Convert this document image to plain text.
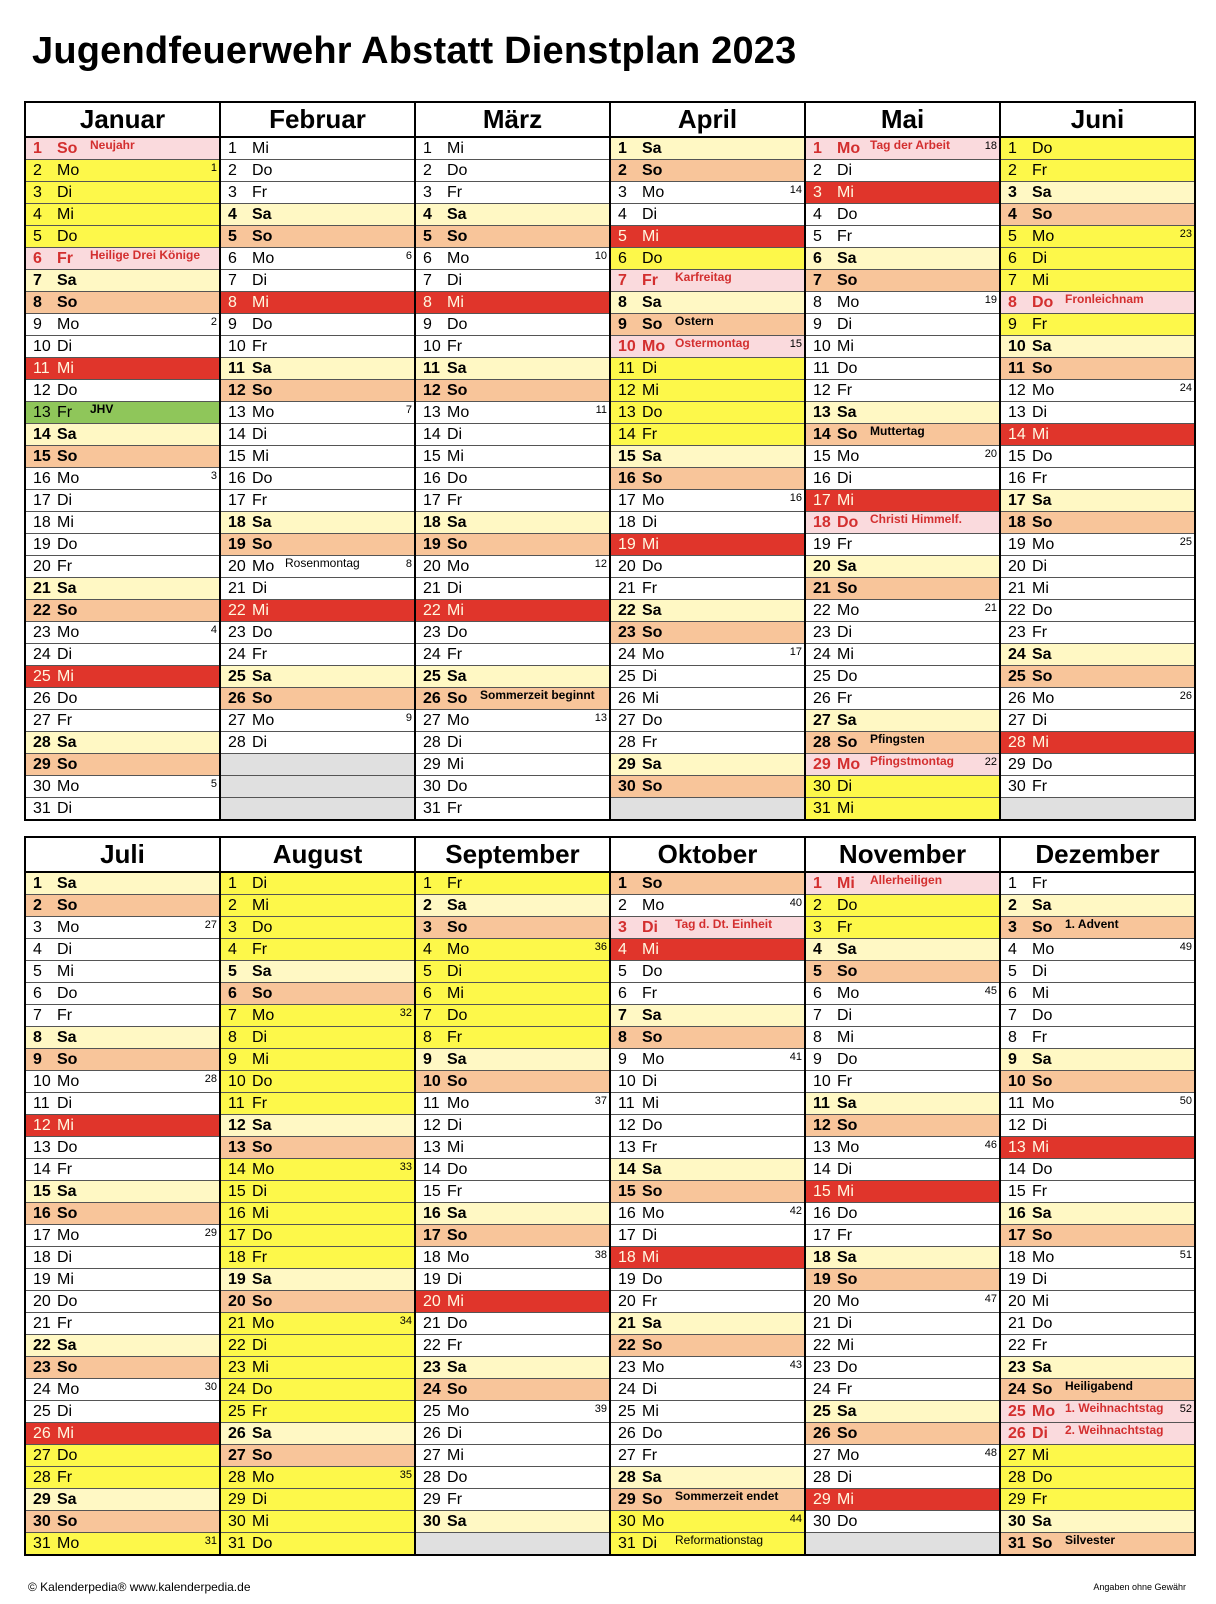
Jugendfeuerwehr Abstatt Dienstplan 2023
Januar	Februar	März	April	Mai	Juni

1 So Neujahr	1 Mi	1 Mi	1 Sa	1 Mo Tag der Arbeit 18	1 Do

2 Mo 1	2 Do	2 Do	2 So	2 Di	2 Fr

3 Di	3 Fr	3 Fr	3 Mo 14	3 Mi	3 Sa

4 Mi	4 Sa	4 Sa	4 Di	4 Do	4 So

5 Do	5 So	5 So	5 Mi	5 Fr	5 Mo 23

6 Fr Heilige Drei Könige	6 Mo 6	6 Mo 10	6 Do	6 Sa	6 Di

7 Sa	7 Di	7 Di	7 Fr Karfreitag	7 So	7 Mi

8 So	8 Mi	8 Mi	8 Sa	8 Mo 19	8 Do Fronleichnam

9 Mo 2	9 Do	9 Do	9 So Ostern	9 Di	9 Fr

10 Di	10 Fr	10 Fr	10 Mo Ostermontag 15	10 Mi	10 Sa

11 Mi	11 Sa	11 Sa	11 Di	11 Do	11 So

12 Do	12 So	12 So	12 Mi	12 Fr	12 Mo 24

13 Fr JHV	13 Mo 7	13 Mo 11	13 Do	13 Sa	13 Di

14 Sa	14 Di	14 Di	14 Fr	14 So Muttertag	14 Mi

15 So	15 Mi	15 Mi	15 Sa	15 Mo 20	15 Do

16 Mo 3	16 Do	16 Do	16 So	16 Di	16 Fr

17 Di	17 Fr	17 Fr	17 Mo 16	17 Mi	17 Sa

18 Mi	18 Sa	18 Sa	18 Di	18 Do Christi Himmelf.	18 So

19 Do	19 So	19 So	19 Mi	19 Fr	19 Mo 25

20 Fr	20 Mo Rosenmontag 8	20 Mo 12	20 Do	20 Sa	20 Di

21 Sa	21 Di	21 Di	21 Fr	21 So	21 Mi

22 So	22 Mi	22 Mi	22 Sa	22 Mo 21	22 Do

23 Mo 4	23 Do	23 Do	23 So	23 Di	23 Fr

24 Di	24 Fr	24 Fr	24 Mo 17	24 Mi	24 Sa

25 Mi	25 Sa	25 Sa	25 Di	25 Do	25 So

26 Do	26 So	26 So Sommerzeit beginnt	26 Mi	26 Fr	26 Mo 26

27 Fr	27 Mo 9	27 Mo 13	27 Do	27 Sa	27 Di

28 Sa	28 Di	28 Di	28 Fr	28 So Pfingsten	28 Mi

29 So		29 Mi	29 Sa	29 Mo Pfingstmontag 22	29 Do

30 Mo 5		30 Do	30 So	30 Di	30 Fr

31 Di		31 Fr		31 Mi	

Juli	August	September	Oktober	November	Dezember

1 Sa	1 Di	1 Fr	1 So	1 Mi Allerheiligen	1 Fr

2 So	2 Mi	2 Sa	2 Mo 40	2 Do	2 Sa

3 Mo 27	3 Do	3 So	3 Di Tag d. Dt. Einheit	3 Fr	3 So 1. Advent

4 Di	4 Fr	4 Mo 36	4 Mi	4 Sa	4 Mo 49

5 Mi	5 Sa	5 Di	5 Do	5 So	5 Di

6 Do	6 So	6 Mi	6 Fr	6 Mo 45	6 Mi

7 Fr	7 Mo 32	7 Do	7 Sa	7 Di	7 Do

8 Sa	8 Di	8 Fr	8 So	8 Mi	8 Fr

9 So	9 Mi	9 Sa	9 Mo 41	9 Do	9 Sa

10 Mo 28	10 Do	10 So	10 Di	10 Fr	10 So

11 Di	11 Fr	11 Mo 37	11 Mi	11 Sa	11 Mo 50

12 Mi	12 Sa	12 Di	12 Do	12 So	12 Di

13 Do	13 So	13 Mi	13 Fr	13 Mo 46	13 Mi

14 Fr	14 Mo 33	14 Do	14 Sa	14 Di	14 Do

15 Sa	15 Di	15 Fr	15 So	15 Mi	15 Fr

16 So	16 Mi	16 Sa	16 Mo 42	16 Do	16 Sa

17 Mo 29	17 Do	17 So	17 Di	17 Fr	17 So

18 Di	18 Fr	18 Mo 38	18 Mi	18 Sa	18 Mo 51

19 Mi	19 Sa	19 Di	19 Do	19 So	19 Di

20 Do	20 So	20 Mi	20 Fr	20 Mo 47	20 Mi

21 Fr	21 Mo 34	21 Do	21 Sa	21 Di	21 Do

22 Sa	22 Di	22 Fr	22 So	22 Mi	22 Fr

23 So	23 Mi	23 Sa	23 Mo 43	23 Do	23 Sa

24 Mo 30	24 Do	24 So	24 Di	24 Fr	24 So Heiligabend

25 Di	25 Fr	25 Mo 39	25 Mi	25 Sa	25 Mo 1. Weihnachtstag 52

26 Mi	26 Sa	26 Di	26 Do	26 So	26 Di 2. Weihnachtstag

27 Do	27 So	27 Mi	27 Fr	27 Mo 48	27 Mi

28 Fr	28 Mo 35	28 Do	28 Sa	28 Di	28 Do

29 Sa	29 Di	29 Fr	29 So Sommerzeit endet	29 Mi	29 Fr

30 So	30 Mi	30 Sa	30 Mo 44	30 Do	30 Sa

31 Mo 31	31 Do		31 Di Reformationstag		31 So Silvester
© Kalenderpedia® www.kalenderpedia.de	Angaben ohne Gewähr
